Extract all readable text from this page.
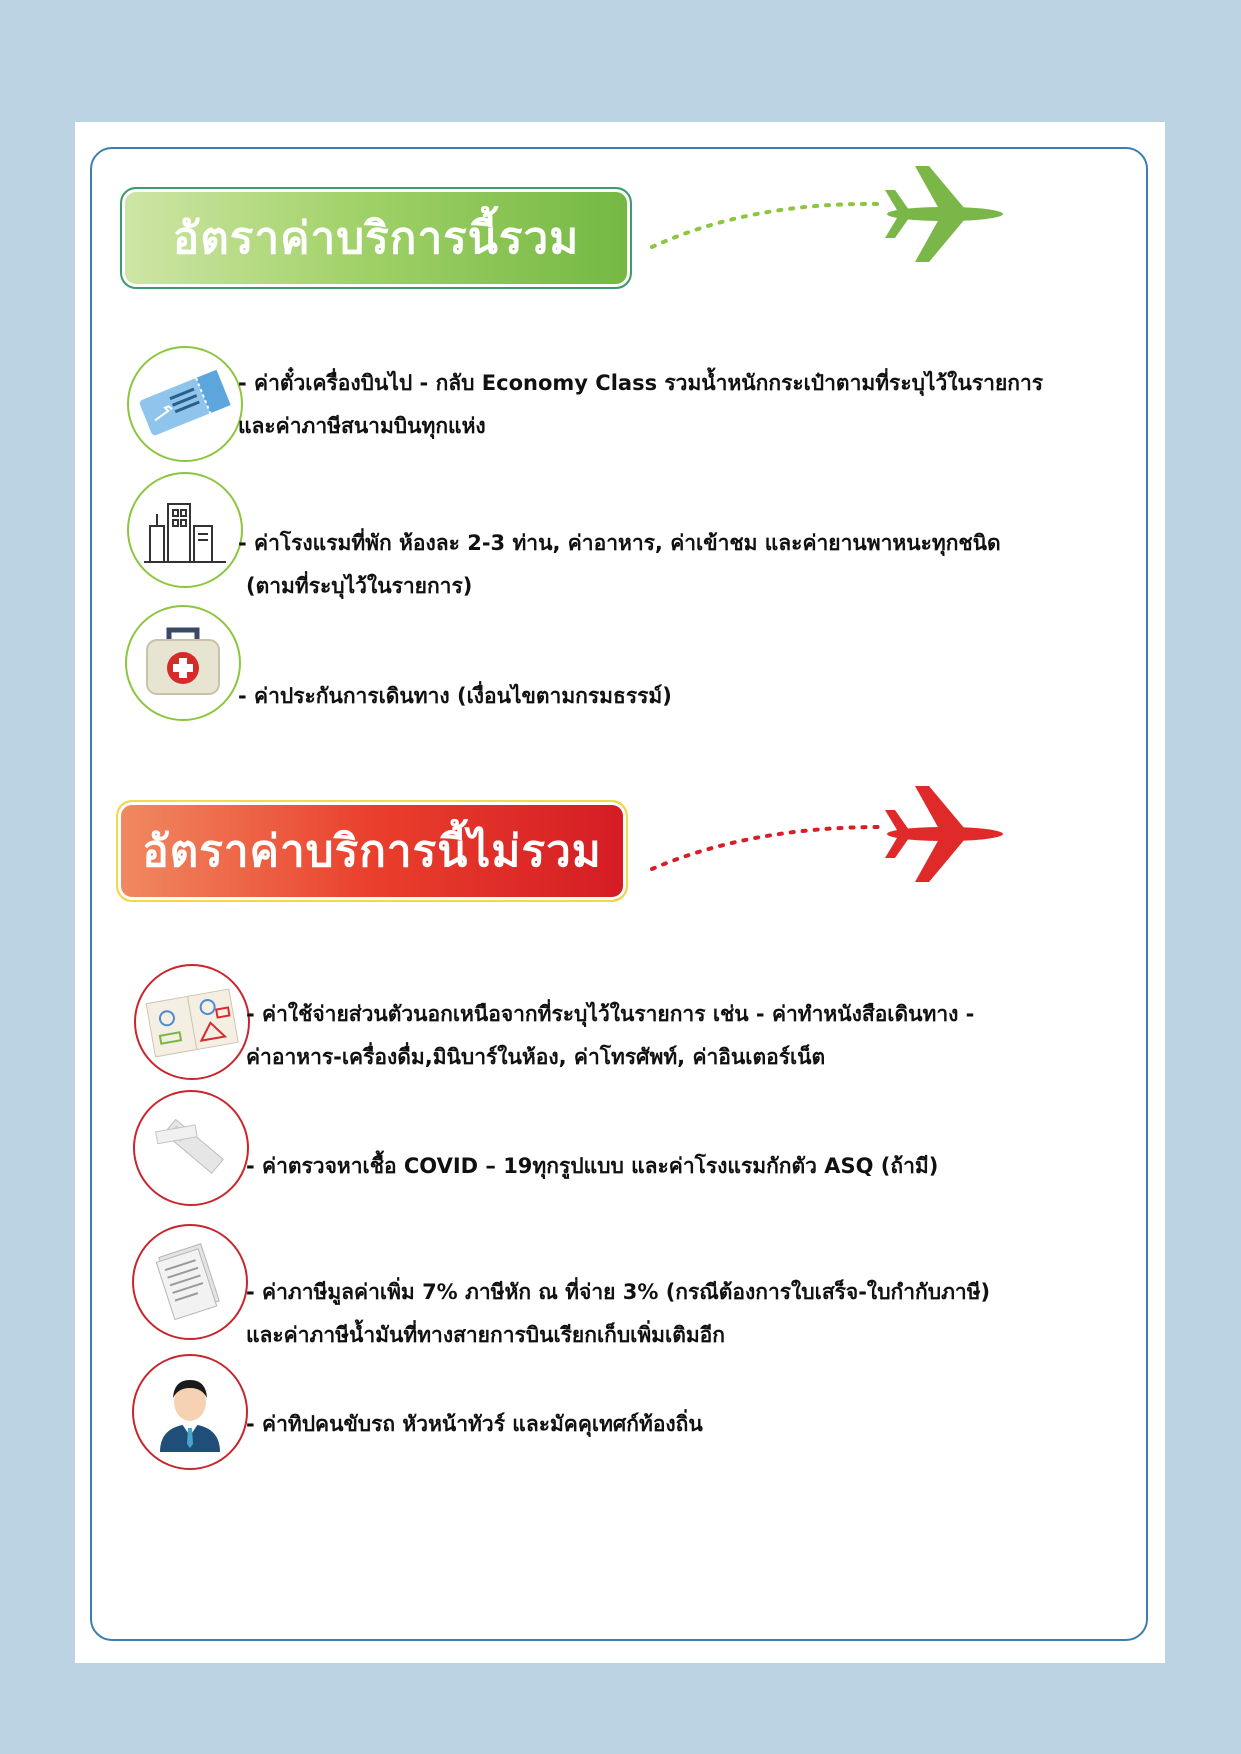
อัตราค่าบริการนี้รวม
- ค่าตั๋วเครื่องบินไป - กลับ Economy Class รวมน้ำหนักกระเป๋าตามที่ระบุไว้ในรายการ
และค่าภาษีสนามบินทุกแห่ง
- ค่าโรงแรมที่พัก ห้องละ 2-3 ท่าน, ค่าอาหาร, ค่าเข้าชม และค่ายานพาหนะทุกชนิด
(ตามที่ระบุไว้ในรายการ)
- ค่าประกันการเดินทาง (เงื่อนไขตามกรมธรรม์)
อัตราค่าบริการนี้ไม่รวม
- ค่าใช้จ่ายส่วนตัวนอกเหนือจากที่ระบุไว้ในรายการ เช่น - ค่าทำหนังสือเดินทาง -
ค่าอาหาร-เครื่องดื่ม,มินิบาร์ในห้อง, ค่าโทรศัพท์, ค่าอินเตอร์เน็ต
- ค่าตรวจหาเชื้อ COVID – 19ทุกรูปแบบ และค่าโรงแรมกักตัว ASQ (ถ้ามี)
- ค่าภาษีมูลค่าเพิ่ม 7% ภาษีหัก ณ ที่จ่าย 3% (กรณีต้องการใบเสร็จ-ใบกำกับภาษี)
และค่าภาษีน้ำมันที่ทางสายการบินเรียกเก็บเพิ่มเติมอีก
- ค่าทิปคนขับรถ หัวหน้าทัวร์ และมัคคุเทศก์ท้องถิ่น
